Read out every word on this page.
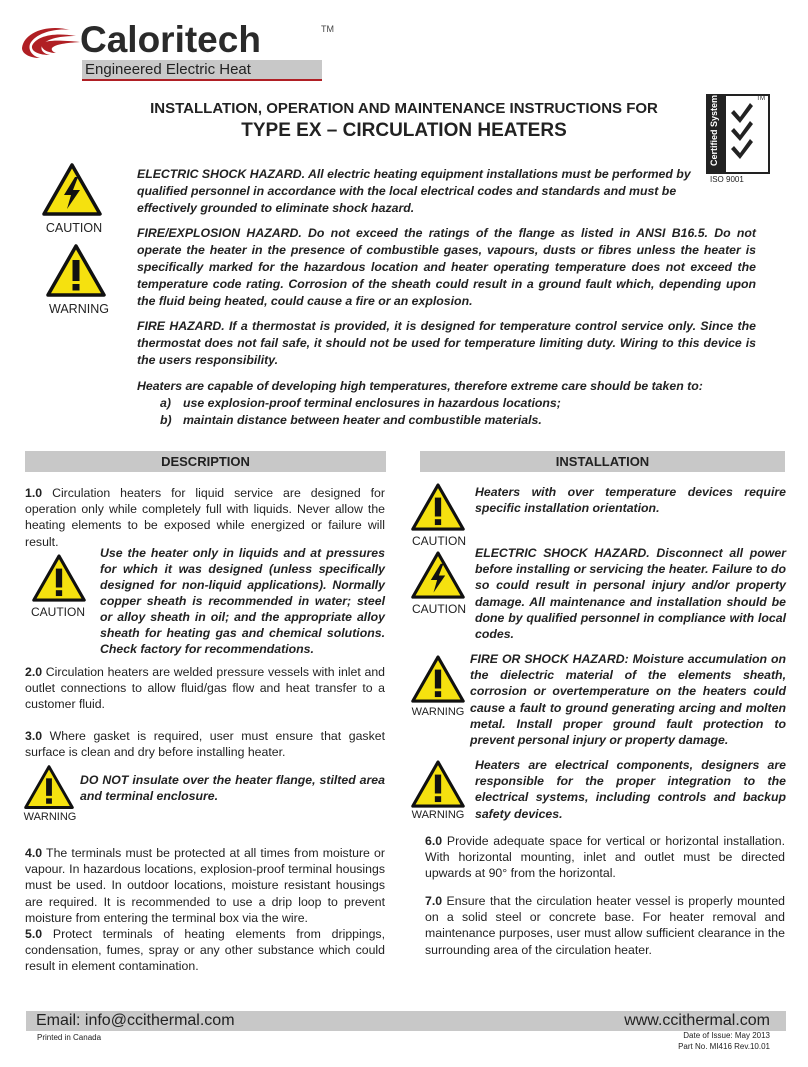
Caloritech	TM
Engineered Electric Heat
Certified System	TM
ISO 9001
INSTALLATION, OPERATION AND MAINTENANCE INSTRUCTIONS FOR
TYPE EX – CIRCULATION HEATERS
CAUTION
WARNING
ELECTRIC SHOCK HAZARD. All electric heating equipment installations must be performed by qualified personnel in accordance with the local electrical codes and standards and must be effectively grounded to eliminate shock hazard.
FIRE/EXPLOSION HAZARD. Do not exceed the ratings of the flange as listed in ANSI B16.5. Do not operate the heater in the presence of combustible gases, vapours, dusts or fibres unless the heater is specifically marked for the hazardous location and heater operating temperature does not exceed the temperature code rating. Corrosion of the sheath could result in a ground fault which, depending upon the fluid being heated, could cause a fire or an explosion.
FIRE HAZARD. If a thermostat is provided, it is designed for temperature control service only. Since the thermostat does not fail safe, it should not be used for temperature limiting duty. Wiring to this device is the users responsibility.
Heaters are capable of developing high temperatures, therefore extreme care should be taken to:
a) use explosion-proof terminal enclosures in hazardous locations;
b) maintain distance between heater and combustible materials.
DESCRIPTION	INSTALLATION
1.0 Circulation heaters for liquid service are designed for operation only while completely full with liquids. Never allow the heating elements to be exposed while energized or failure will result.
CAUTION
Use the heater only in liquids and at pressures for which it was designed (unless specifically designed for non-liquid applications). Normally copper sheath is recommended in water; steel or alloy sheath in oil; and the appropriate alloy sheath for heating gas and chemical solutions. Check factory for recommendations.
2.0 Circulation heaters are welded pressure vessels with inlet and outlet connections to allow fluid/gas flow and heat transfer to a customer fluid.
3.0 Where gasket is required, user must ensure that gasket surface is clean and dry before installing heater.
WARNING
DO NOT insulate over the heater flange, stilted area and terminal enclosure.
4.0 The terminals must be protected at all times from moisture or vapour. In hazardous locations, explosion-proof terminal housings must be used. In outdoor locations, moisture resistant housings are required. It is recommended to use a drip loop to prevent moisture from entering the terminal box via the wire.
5.0 Protect terminals of heating elements from drippings, condensation, fumes, spray or any other substance which could result in element contamination.
CAUTION
Heaters with over temperature devices require specific installation orientation.
CAUTION
ELECTRIC SHOCK HAZARD. Disconnect all power before installing or servicing the heater. Failure to do so could result in personal injury and/or property damage. All maintenance and installation should be done by qualified personnel in compliance with local codes.
WARNING
FIRE OR SHOCK HAZARD: Moisture accumulation on the dielectric material of the elements sheath, corrosion or overtemperature on the heaters could cause a fault to ground generating arcing and molten metal. Install proper ground fault protection to prevent personal injury or property damage.
WARNING
Heaters are electrical components, designers are responsible for the proper integration to the electrical systems, including controls and backup safety devices.
6.0 Provide adequate space for vertical or horizontal installation. With horizontal mounting, inlet and outlet must be directed upwards at 90° from the horizontal.
7.0 Ensure that the circulation heater vessel is properly mounted on a solid steel or concrete base. For heater removal and maintenance purposes, user must allow sufficient clearance in the surrounding area of the circulation heater.
Email: info@ccithermal.com	www.ccithermal.com
Printed in Canada	Date of Issue: May 2013
Part No. MI416 Rev.10.01
